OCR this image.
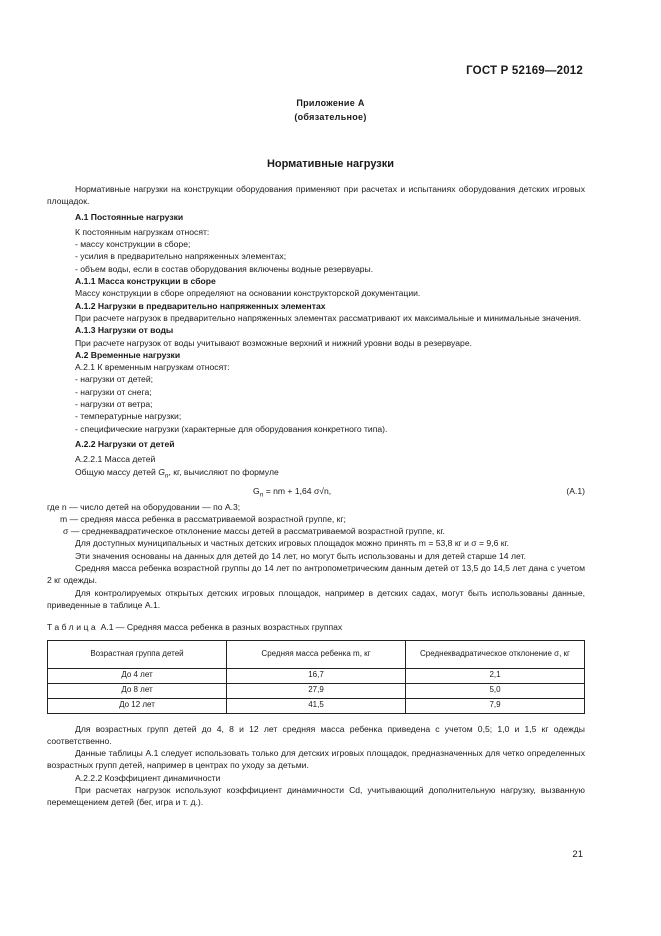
ГОСТ Р 52169—2012
Приложение А
(обязательное)
Нормативные нагрузки

Нормативные нагрузки на конструкции оборудования применяют при расчетах и испытаниях оборудования детских игровых площадок.

А.1 Постоянные нагрузки

К постоянным нагрузкам относят:

- массу конструкции в сборе;

- усилия в предварительно напряженных элементах;

- объем воды, если в состав оборудования включены водные резервуары.

А.1.1 Масса конструкции в сборе

Массу конструкции в сборе определяют на основании конструкторской документации.

А.1.2 Нагрузки в предварительно напряженных элементах

При расчете нагрузок в предварительно напряженных элементах рассматривают их максимальные и минимальные значения.

А.1.3 Нагрузки от воды

При расчете нагрузок от воды учитывают возможные верхний и нижний уровни воды в резервуаре.

А.2 Временные нагрузки

А.2.1 К временным нагрузкам относят:

- нагрузки от детей;

- нагрузки от снега;

- нагрузки от ветра;

- температурные нагрузки;

- специфические нагрузки (характерные для оборудования конкретного типа).

А.2.2 Нагрузки от детей

А.2.2.1 Масса детей

Общую массу детей $G_n$, кг, вычисляют по формуле

$G_n$ = nm + 1,64 σ√n,	(А.1)

где n — число детей на оборудовании — по А.3;

m — средняя масса ребенка в рассматриваемой возрастной группе, кг;

σ — среднеквадратическое отклонение массы детей в рассматриваемой возрастной группе, кг.

Для доступных муниципальных и частных детских игровых площадок можно принять m = 53,8 кг и σ = 9,6 кг.

Эти значения основаны на данных для детей до 14 лет, но могут быть использованы и для детей старше 14 лет.

Средняя масса ребенка возрастной группы до 14 лет по антропометрическим данным детей от 13,5 до 14,5 лет дана с учетом 2 кг одежды.

Для контролируемых открытых детских игровых площадок, например в детских садах, могут быть использованы данные, приведенные в таблице А.1.

Таблица А.1 — Средняя масса ребенка в разных возрастных группах

Возрастная группа детей	Средняя масса ребенка m, кг	Среднеквадратическое отклонение σ, кг
До 4 лет	16,7	2,1
До 8 лет	27,9	5,0
До 12 лет	41,5	7,9

Для возрастных групп детей до 4, 8 и 12 лет средняя масса ребенка приведена с учетом 0,5; 1,0 и 1,5 кг одежды соответственно.

Данные таблицы А.1 следует использовать только для детских игровых площадок, предназначенных для четко определенных возрастных групп детей, например в центрах по уходу за детьми.

А.2.2.2 Коэффициент динамичности

При расчетах нагрузок используют коэффициент динамичности Cd, учитывающий дополнительную нагрузку, вызванную перемещением детей (бег, игра и т. д.).

21
